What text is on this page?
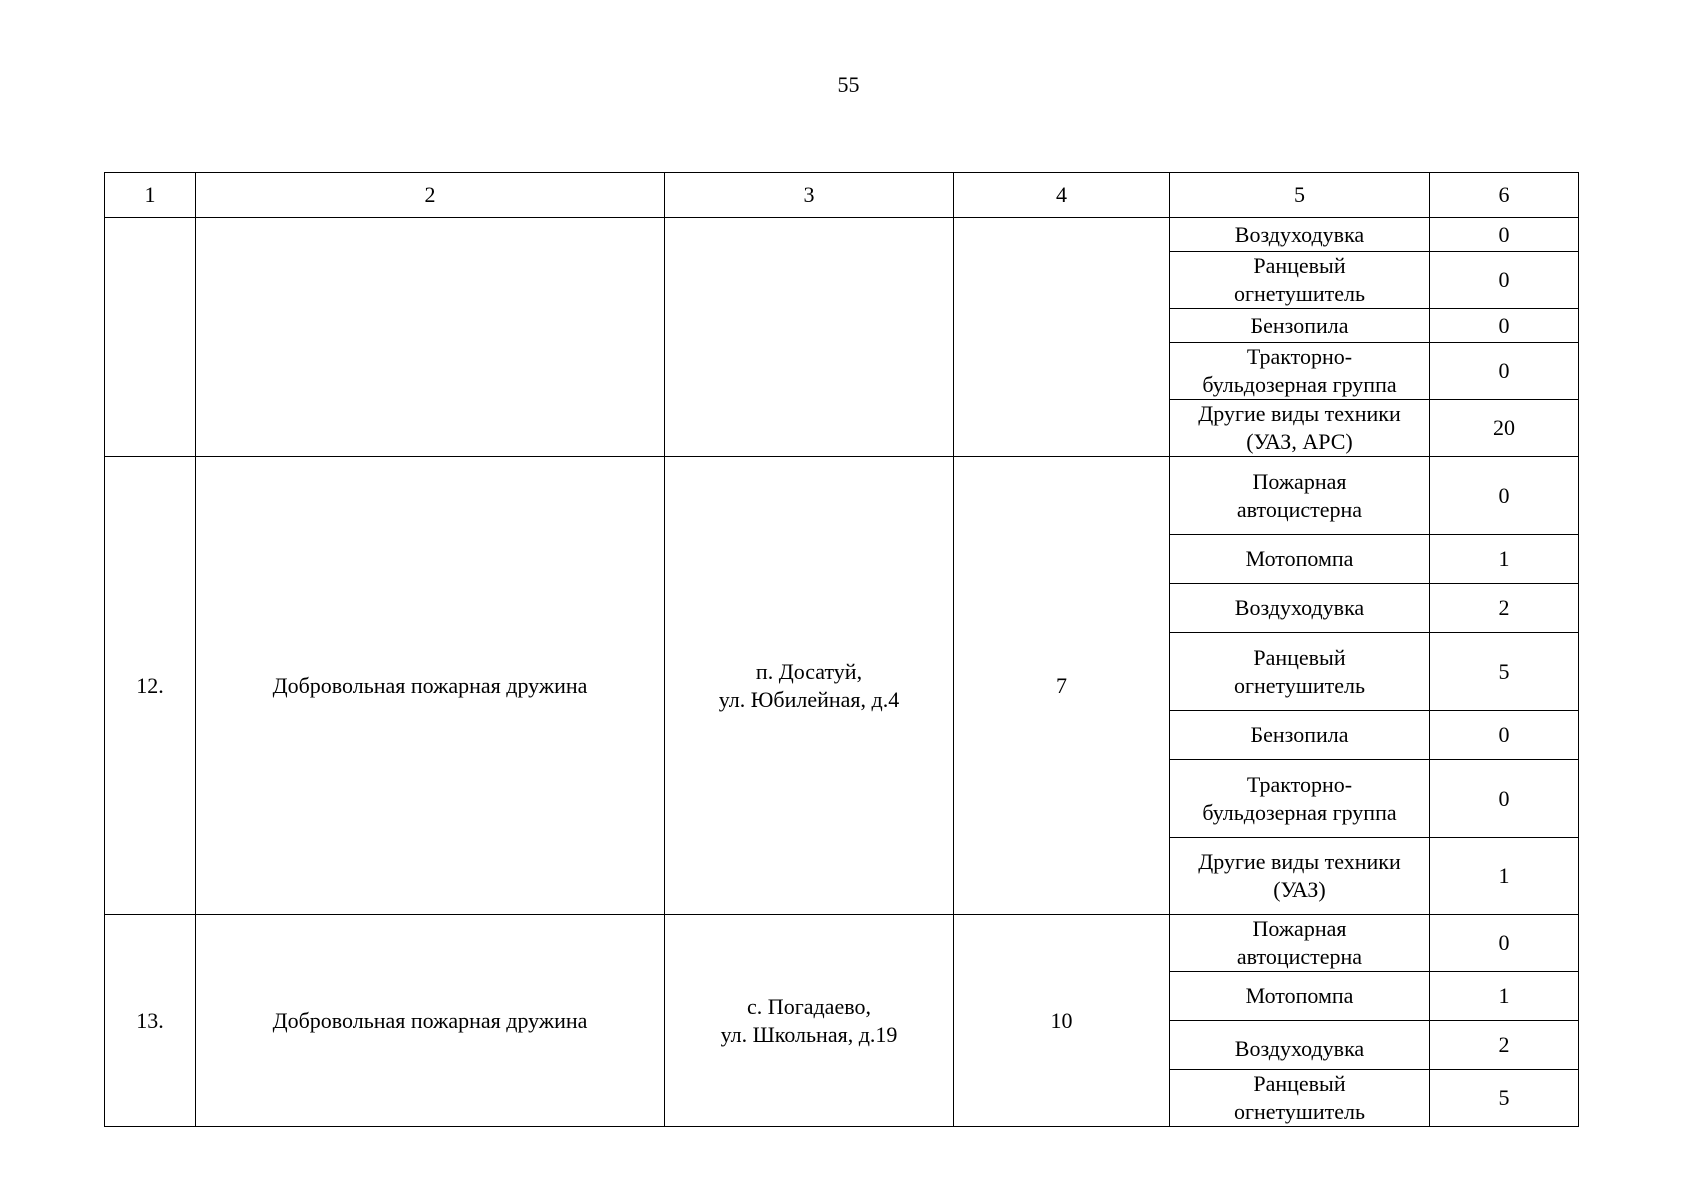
55
1	2	3	4	5	6

				Воздуходувка	0

				Ранцевый
огнетушитель	0

				Бензопила	0

				Тракторно-
бульдозерная группа	0

				Другие виды техники
(УАЗ, АРС)	20
12.	Добровольная пожарная дружина	п. Досатуй,
ул. Юбилейная, д.4	7	Пожарная
автоцистерна	0

				Мотопомпа	1

				Воздуходувка	2

				Ранцевый
огнетушитель	5

				Бензопила	0

				Тракторно-
бульдозерная группа	0

				Другие виды техники
(УАЗ)	1
13.	Добровольная пожарная дружина	с. Погадаево,
ул. Школьная, д.19	10	Пожарная
автоцистерна	0

				Мотопомпа	1

				Воздуходувка	2

				Ранцевый
огнетушитель	5
